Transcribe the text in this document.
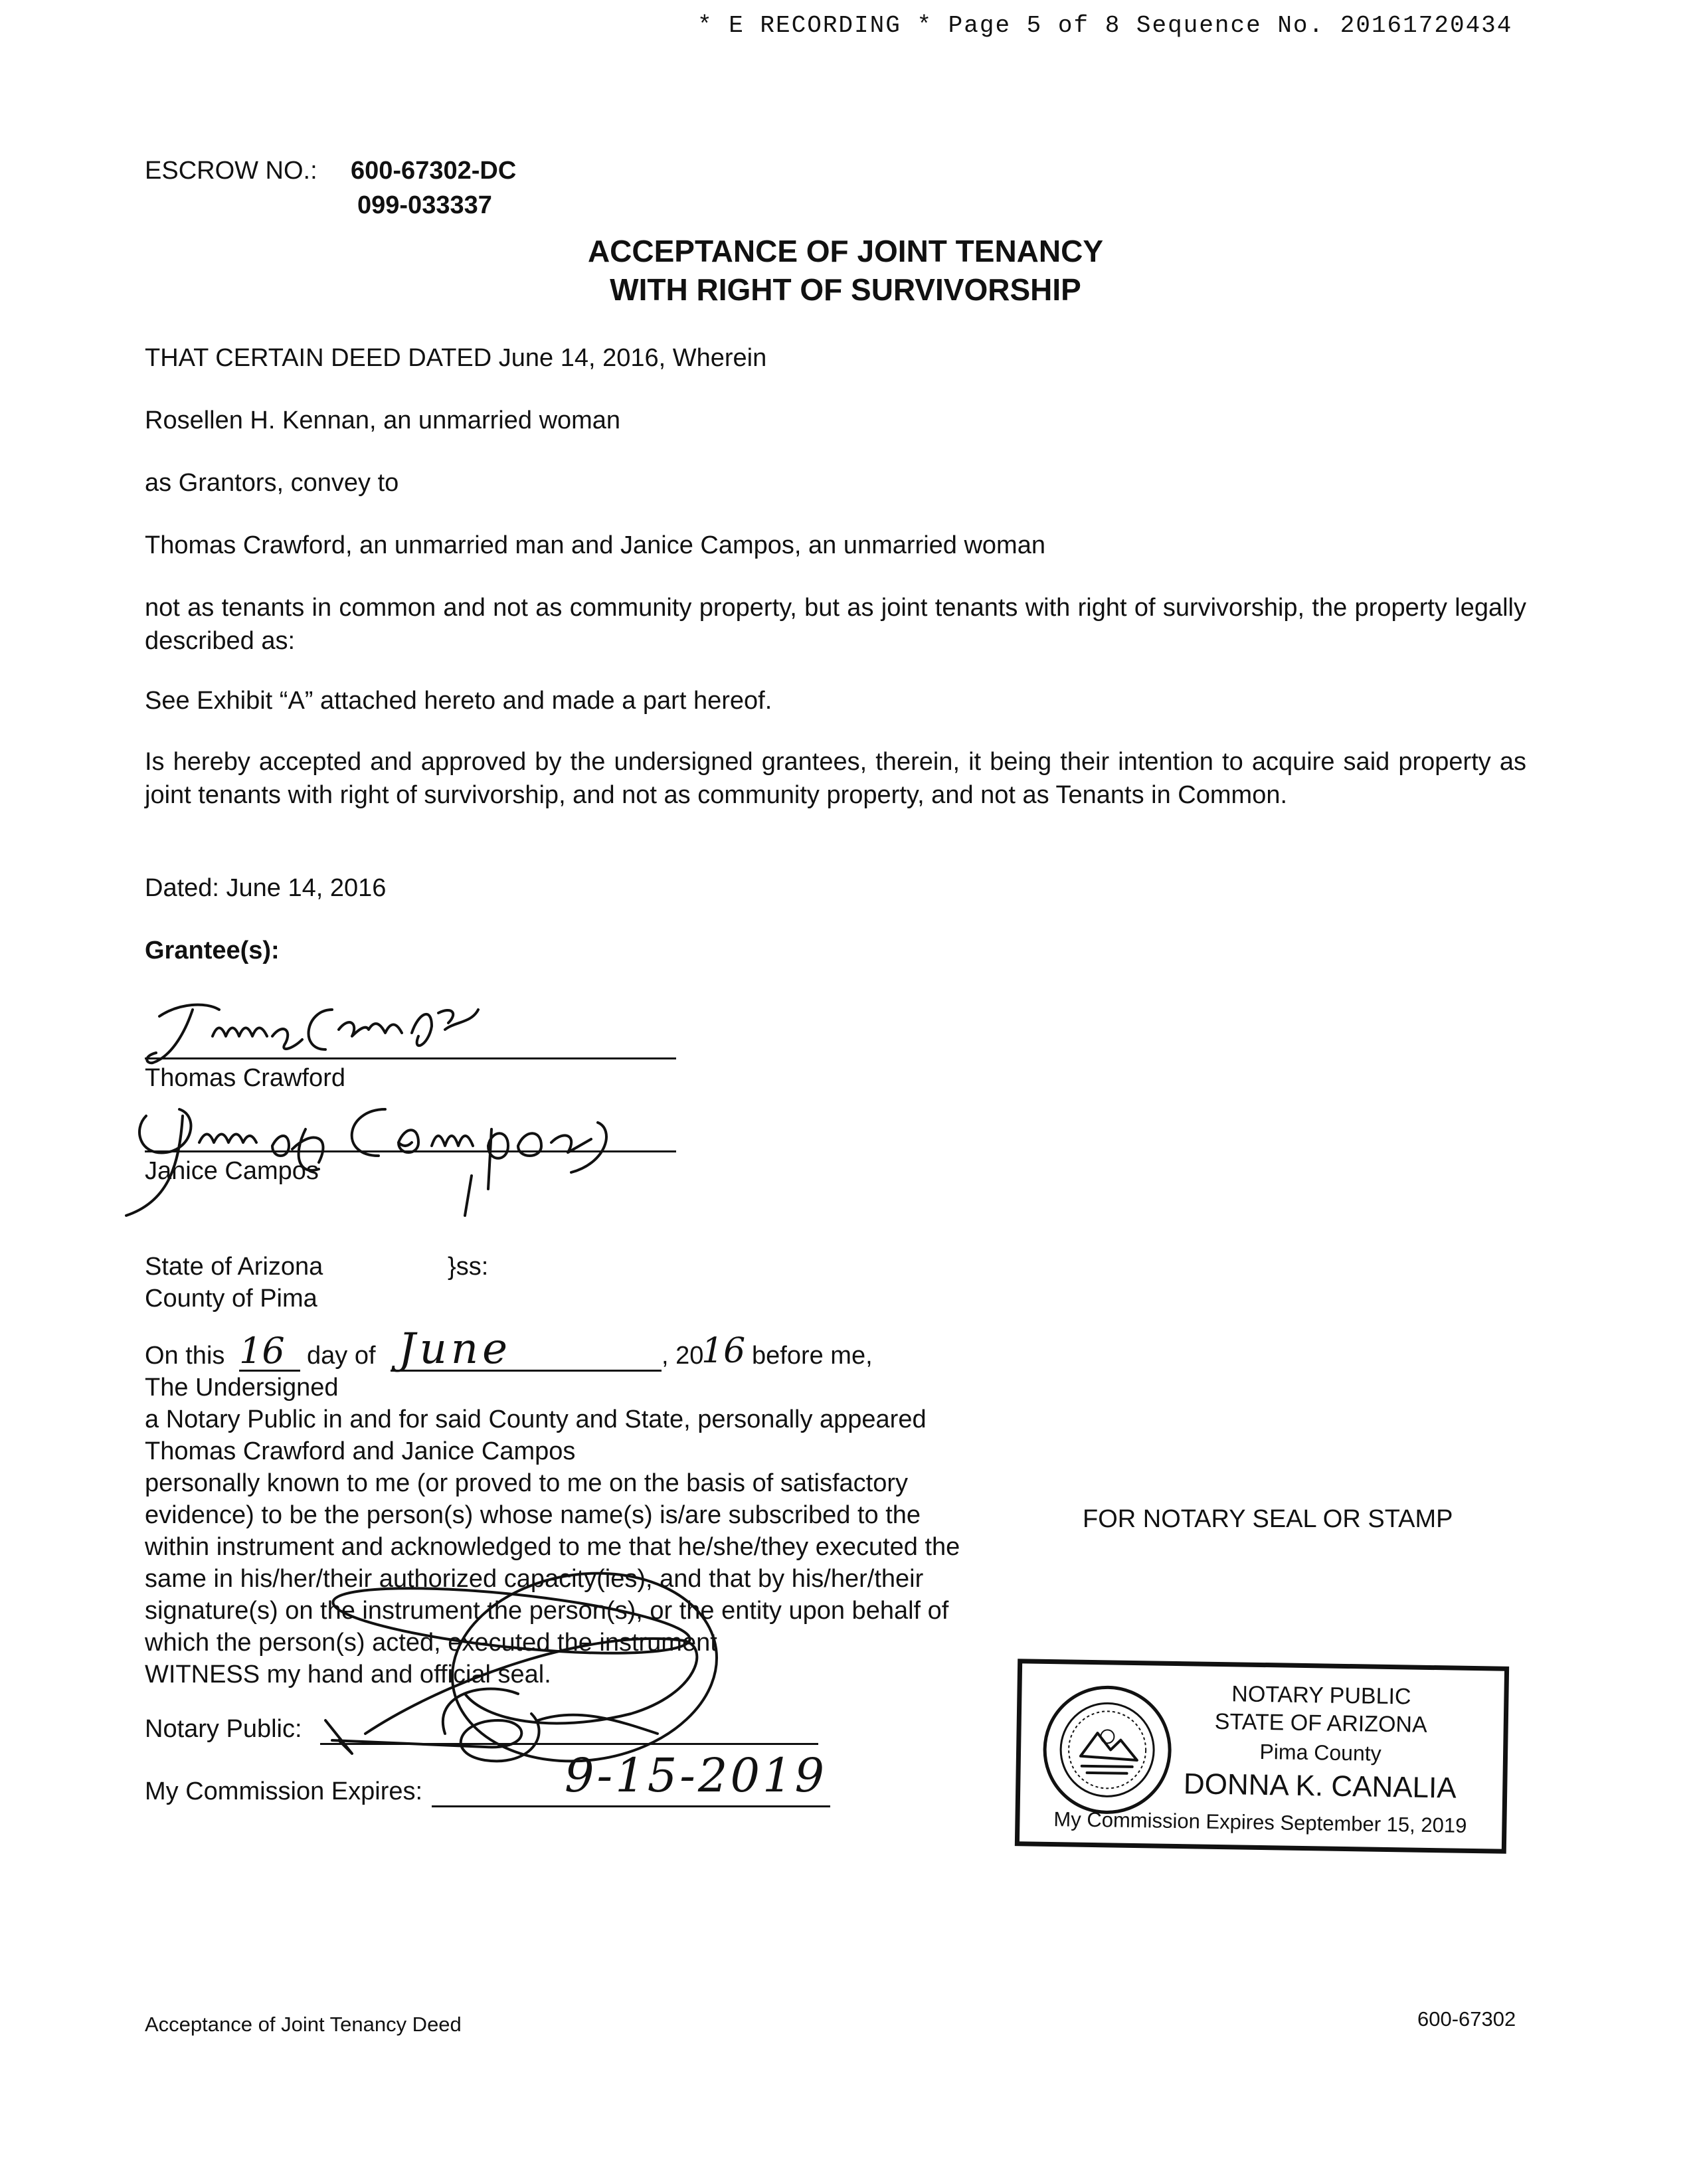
* E RECORDING * Page 5 of 8 Sequence No. 20161720434
ESCROW NO.: 600-67302-DC
099-033337
ACCEPTANCE OF JOINT TENANCY
WITH RIGHT OF SURVIVORSHIP
THAT CERTAIN DEED DATED June 14, 2016, Wherein
Rosellen H. Kennan, an unmarried woman
as Grantors, convey to
Thomas Crawford, an unmarried man and Janice Campos, an unmarried woman
not as tenants in common and not as community property, but as joint tenants with right of survivorship, the property legally described as:
See Exhibit “A” attached hereto and made a part hereof.
Is hereby accepted and approved by the undersigned grantees, therein, it being their intention to acquire said property as joint tenants with right of survivorship, and not as community property, and not as Tenants in Common.
Dated: June 14, 2016
Grantee(s):
Thomas Crawford
Janice Campos
State of Arizona	}ss:
County of Pima
On this 16 day of June	, 20
16 before me,
The Undersigned
a Notary Public in and for said County and State, personally appeared
Thomas Crawford and Janice Campos
personally known to me (or proved to me on the basis of satisfactory
evidence) to be the person(s) whose name(s) is/are subscribed to the
within instrument and acknowledged to me that he/she/they executed the
same in his/her/their authorized capacity(ies), and that by his/her/their
signature(s) on the instrument the person(s), or the entity upon behalf of
which the person(s) acted, executed the instrument
WITNESS my hand and official seal.
FOR NOTARY SEAL OR STAMP
Notary Public:
My Commission Expires:	9-15-2019
NOTARY PUBLIC
STATE OF ARIZONA
Pima County
DONNA K. CANALIA
My Commission Expires September 15, 2019
Acceptance of Joint Tenancy Deed	600-67302
